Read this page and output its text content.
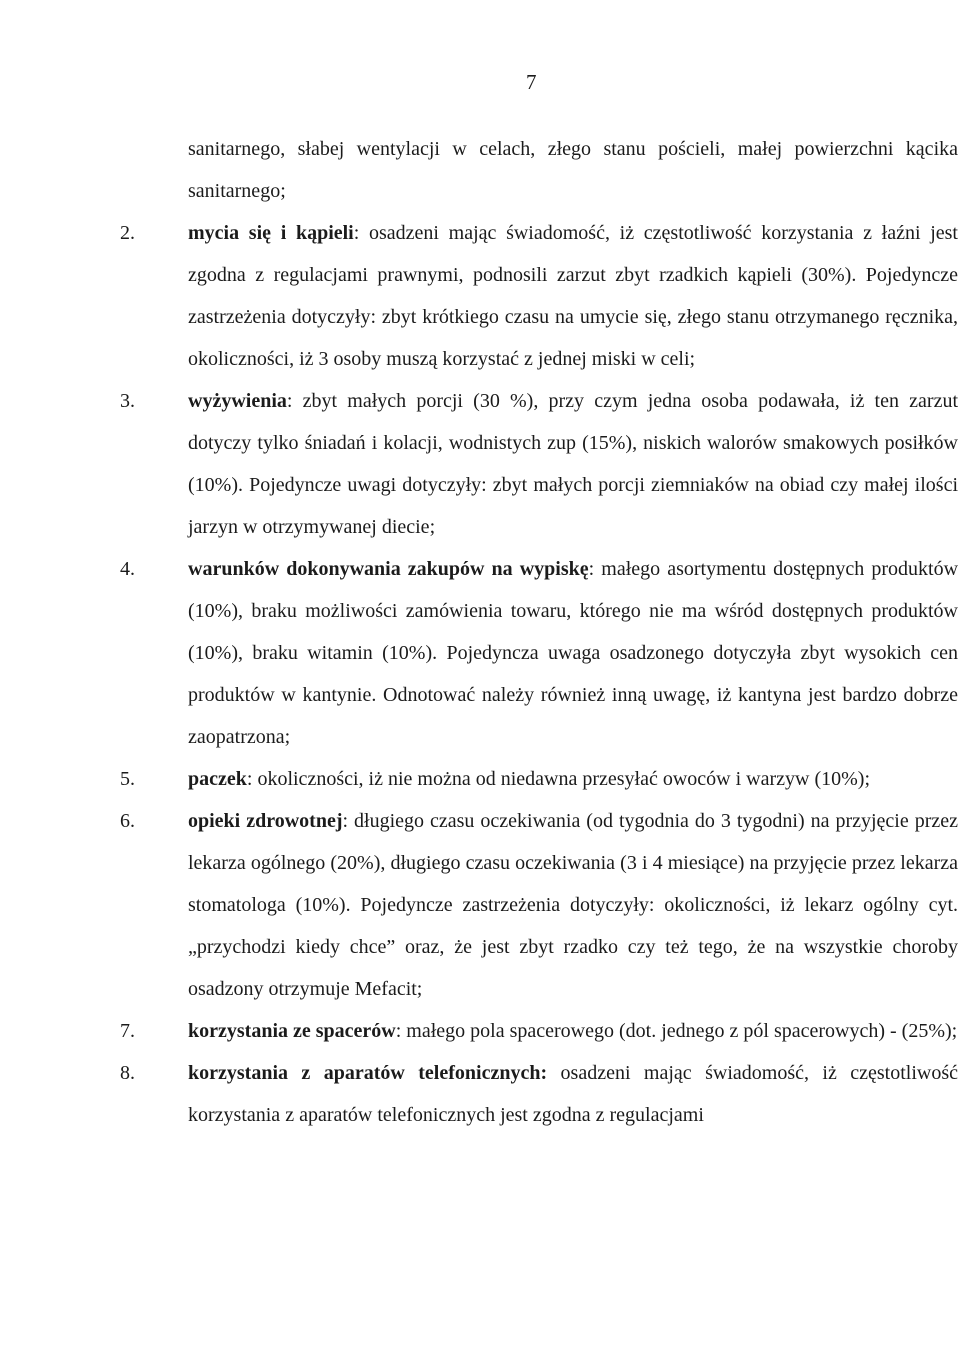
7
sanitarnego, słabej wentylacji w celach, złego stanu pościeli, małej powierzchni kącika sanitarnego;
2.	mycia się i kąpieli: osadzeni mając świadomość, iż częstotliwość korzystania z łaźni jest zgodna z regulacjami prawnymi, podnosili zarzut zbyt rzadkich kąpieli (30%). Pojedyncze zastrzeżenia dotyczyły: zbyt krótkiego czasu na umycie się, złego stanu otrzymanego ręcznika, okoliczności, iż 3 osoby muszą korzystać z jednej miski w celi;
3.	wyżywienia: zbyt małych porcji (30 %), przy czym jedna osoba podawała, iż ten zarzut dotyczy tylko śniadań i kolacji, wodnistych zup (15%), niskich walorów smakowych posiłków (10%). Pojedyncze uwagi dotyczyły: zbyt małych porcji ziemniaków na obiad czy małej ilości jarzyn w otrzymywanej diecie;
4.	warunków dokonywania zakupów na wypiskę: małego asortymentu dostępnych produktów (10%), braku możliwości zamówienia towaru, którego nie ma wśród dostępnych produktów (10%), braku witamin (10%). Pojedyncza uwaga osadzonego dotyczyła zbyt wysokich cen produktów w kantynie. Odnotować należy również inną uwagę, iż kantyna jest bardzo dobrze zaopatrzona;
5.	paczek: okoliczności, iż nie można od niedawna przesyłać owoców i warzyw (10%);
6.	opieki zdrowotnej: długiego czasu oczekiwania (od tygodnia do 3 tygodni) na przyjęcie przez lekarza ogólnego (20%), długiego czasu oczekiwania (3 i 4 miesiące) na przyjęcie przez lekarza stomatologa (10%). Pojedyncze zastrzeżenia dotyczyły: okoliczności, iż lekarz ogólny cyt. „przychodzi kiedy chce” oraz, że jest zbyt rzadko czy też tego, że na wszystkie choroby osadzony otrzymuje Mefacit;
7.	korzystania ze spacerów: małego pola spacerowego (dot. jednego z pól spacerowych) - (25%);
8.	korzystania z aparatów telefonicznych: osadzeni mając świadomość, iż częstotliwość korzystania z aparatów telefonicznych jest zgodna z regulacjami
